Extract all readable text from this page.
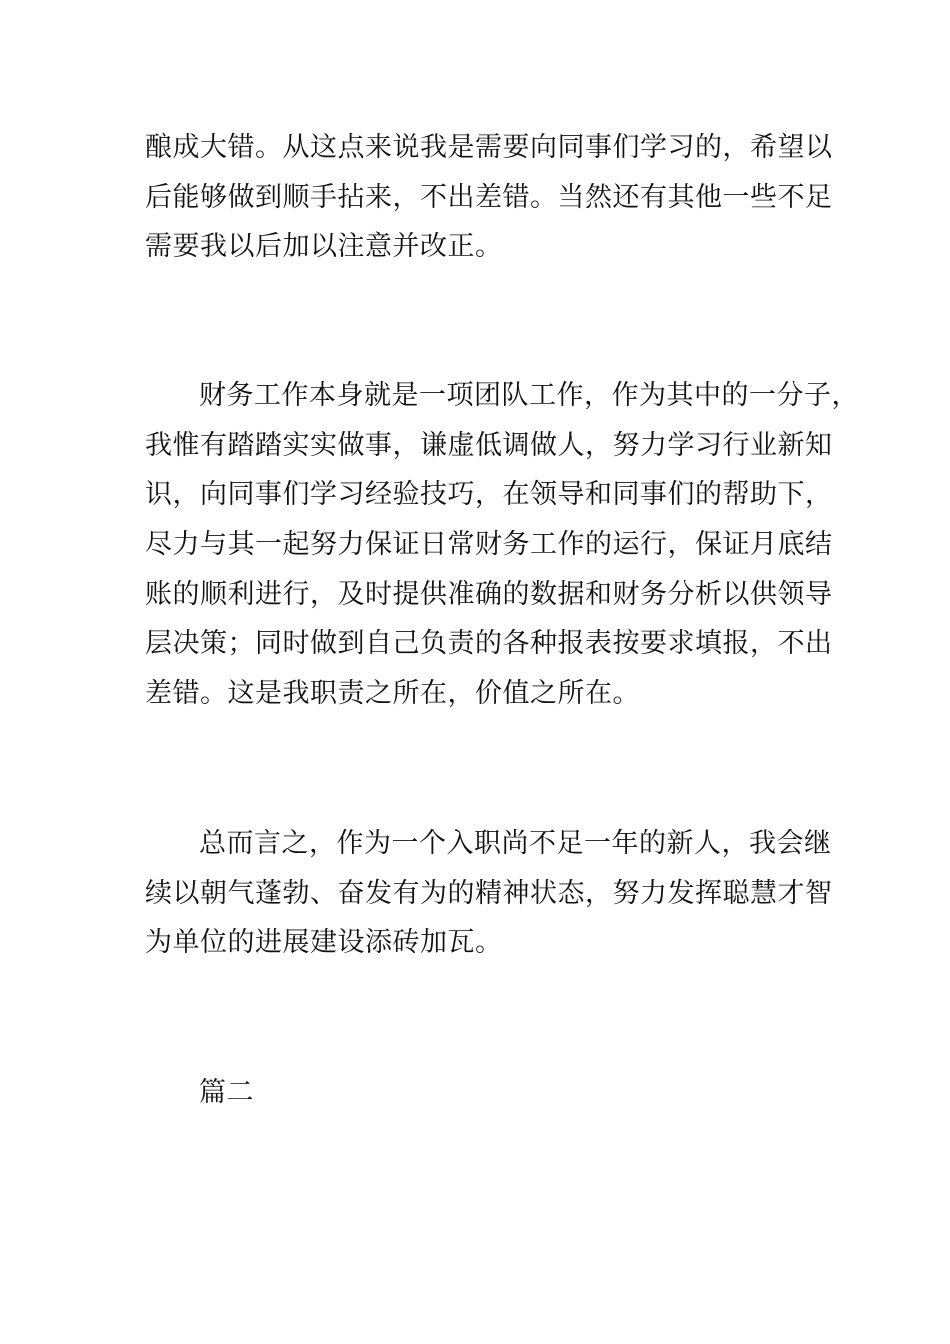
酿成大错。从这点来说我是需要向同事们学习的，希望以
后能够做到顺手拈来，不出差错。当然还有其他一些不足
需要我以后加以注意并改正。
财务工作本身就是一项团队工作，作为其中的一分子，
我惟有踏踏实实做事，谦虚低调做人，努力学习行业新知
识，向同事们学习经验技巧，在领导和同事们的帮助下，
尽力与其一起努力保证日常财务工作的运行，保证月底结
账的顺利进行，及时提供准确的数据和财务分析以供领导
层决策；同时做到自己负责的各种报表按要求填报，不出
差错。这是我职责之所在，价值之所在。
总而言之，作为一个入职尚不足一年的新人，我会继
续以朝气蓬勃、奋发有为的精神状态，努力发挥聪慧才智
为单位的进展建设添砖加瓦。
篇二
